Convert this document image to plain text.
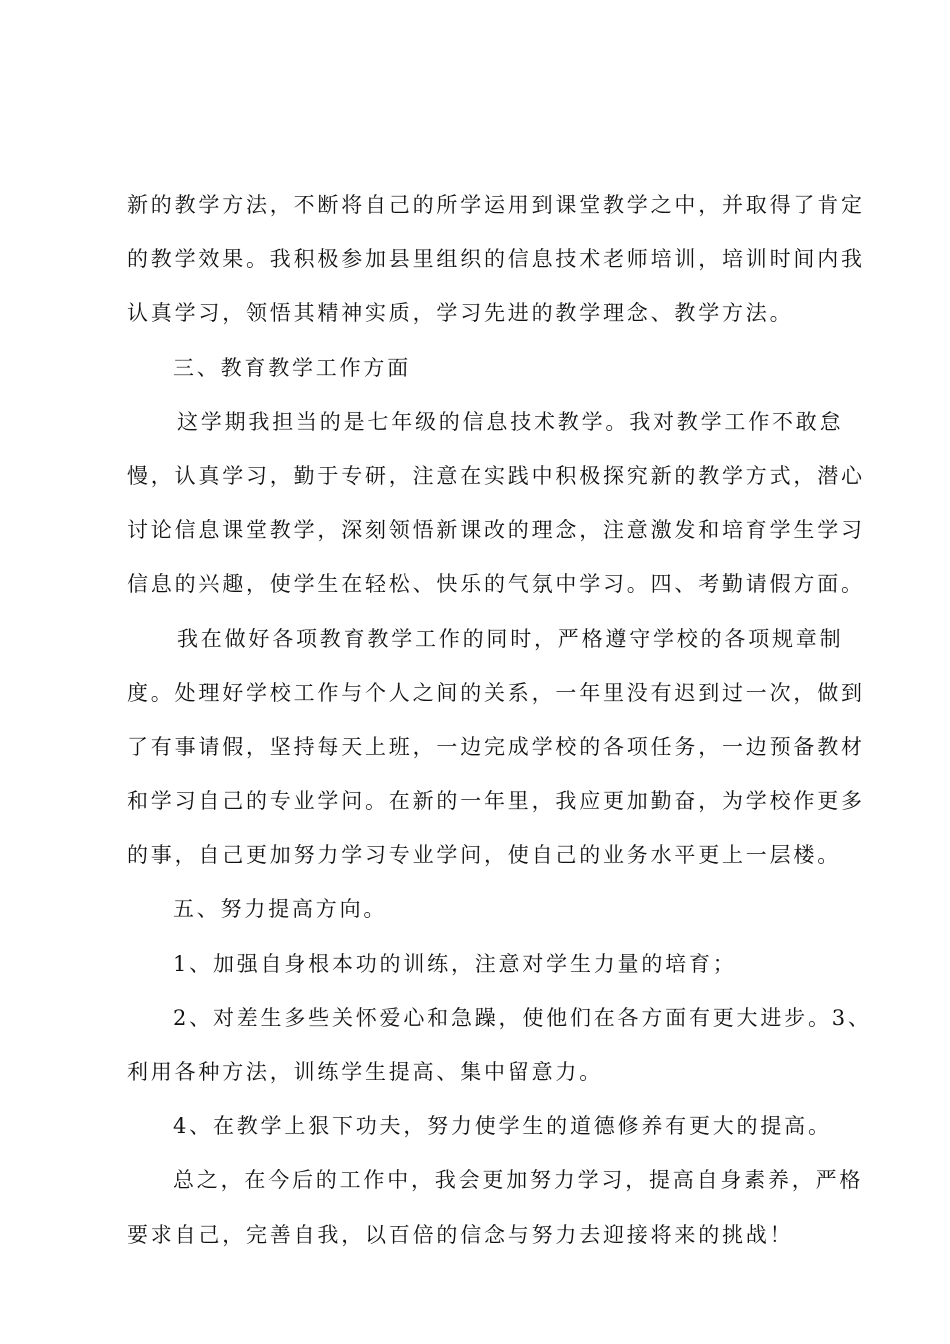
新的教学方法，不断将自己的所学运用到课堂教学之中，并取得了肯定
的教学效果。我积极参加县里组织的信息技术老师培训，培训时间内我
认真学习，领悟其精神实质，学习先进的教学理念、教学方法。
三、教育教学工作方面
这学期我担当的是七年级的信息技术教学。我对教学工作不敢怠
慢，认真学习，勤于专研，注意在实践中积极探究新的教学方式，潜心
讨论信息课堂教学，深刻领悟新课改的理念，注意激发和培育学生学习
信息的兴趣，使学生在轻松、快乐的气氛中学习。四、考勤请假方面。
我在做好各项教育教学工作的同时，严格遵守学校的各项规章制
度。处理好学校工作与个人之间的关系，一年里没有迟到过一次，做到
了有事请假，坚持每天上班，一边完成学校的各项任务，一边预备教材
和学习自己的专业学问。在新的一年里，我应更加勤奋，为学校作更多
的事，自己更加努力学习专业学问，使自己的业务水平更上一层楼。
五、努力提高方向。
1、加强自身根本功的训练，注意对学生力量的培育；
2、对差生多些关怀爱心和急躁，使他们在各方面有更大进步。3、
利用各种方法，训练学生提高、集中留意力。
4、在教学上狠下功夫，努力使学生的道德修养有更大的提高。
总之，在今后的工作中，我会更加努力学习，提高自身素养，严格
要求自己，完善自我，以百倍的信念与努力去迎接将来的挑战！
